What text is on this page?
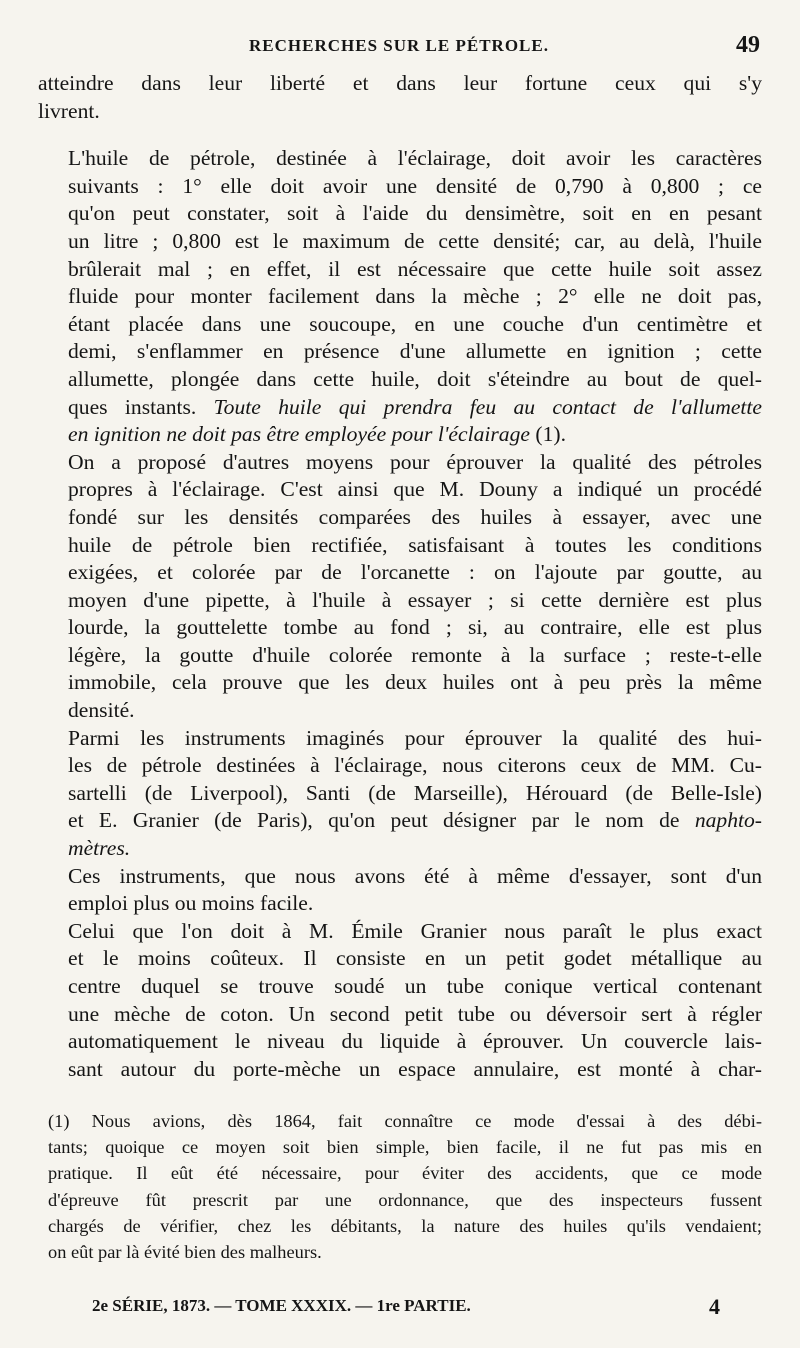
RECHERCHES SUR LE PÉTROLE.	49

atteindre dans leur liberté et dans leur fortune ceux qui s'y
livrent.

L'huile de pétrole, destinée à l'éclairage, doit avoir les caractères
suivants : 1° elle doit avoir une densité de 0,790 à 0,800 ; ce
qu'on peut constater, soit à l'aide du densimètre, soit en en pesant
un litre ; 0,800 est le maximum de cette densité; car, au delà, l'huile
brûlerait mal ; en effet, il est nécessaire que cette huile soit assez
fluide pour monter facilement dans la mèche ; 2° elle ne doit pas,
étant placée dans une soucoupe, en une couche d'un centimètre et
demi, s'enflammer en présence d'une allumette en ignition ; cette
allumette, plongée dans cette huile, doit s'éteindre au bout de quel-
ques instants. Toute huile qui prendra feu au contact de l'allumette
en ignition ne doit pas être employée pour l'éclairage (1).

On a proposé d'autres moyens pour éprouver la qualité des pétroles
propres à l'éclairage. C'est ainsi que M. Douny a indiqué un procédé
fondé sur les densités comparées des huiles à essayer, avec une
huile de pétrole bien rectifiée, satisfaisant à toutes les conditions
exigées, et colorée par de l'orcanette : on l'ajoute par goutte, au
moyen d'une pipette, à l'huile à essayer ; si cette dernière est plus
lourde, la gouttelette tombe au fond ; si, au contraire, elle est plus
légère, la goutte d'huile colorée remonte à la surface ; reste-t-elle
immobile, cela prouve que les deux huiles ont à peu près la même
densité.

Parmi les instruments imaginés pour éprouver la qualité des hui-
les de pétrole destinées à l'éclairage, nous citerons ceux de MM. Cu-
sartelli (de Liverpool), Santi (de Marseille), Hérouard (de Belle-Isle)
et E. Granier (de Paris), qu'on peut désigner par le nom de naphto-
mètres.

Ces instruments, que nous avons été à même d'essayer, sont d'un
emploi plus ou moins facile.

Celui que l'on doit à M. Émile Granier nous paraît le plus exact
et le moins coûteux. Il consiste en un petit godet métallique au
centre duquel se trouve soudé un tube conique vertical contenant
une mèche de coton. Un second petit tube ou déversoir sert à régler
automatiquement le niveau du liquide à éprouver. Un couvercle lais-
sant autour du porte-mèche un espace annulaire, est monté à char-

(1) Nous avions, dès 1864, fait connaître ce mode d'essai à des débi-
tants; quoique ce moyen soit bien simple, bien facile, il ne fut pas mis en
pratique. Il eût été nécessaire, pour éviter des accidents, que ce mode
d'épreuve fût prescrit par une ordonnance, que des inspecteurs fussent
chargés de vérifier, chez les débitants, la nature des huiles qu'ils vendaient;
on eût par là évité bien des malheurs.
2e SÉRIE, 1873. — TOME XXXIX. — 1re PARTIE.	4
